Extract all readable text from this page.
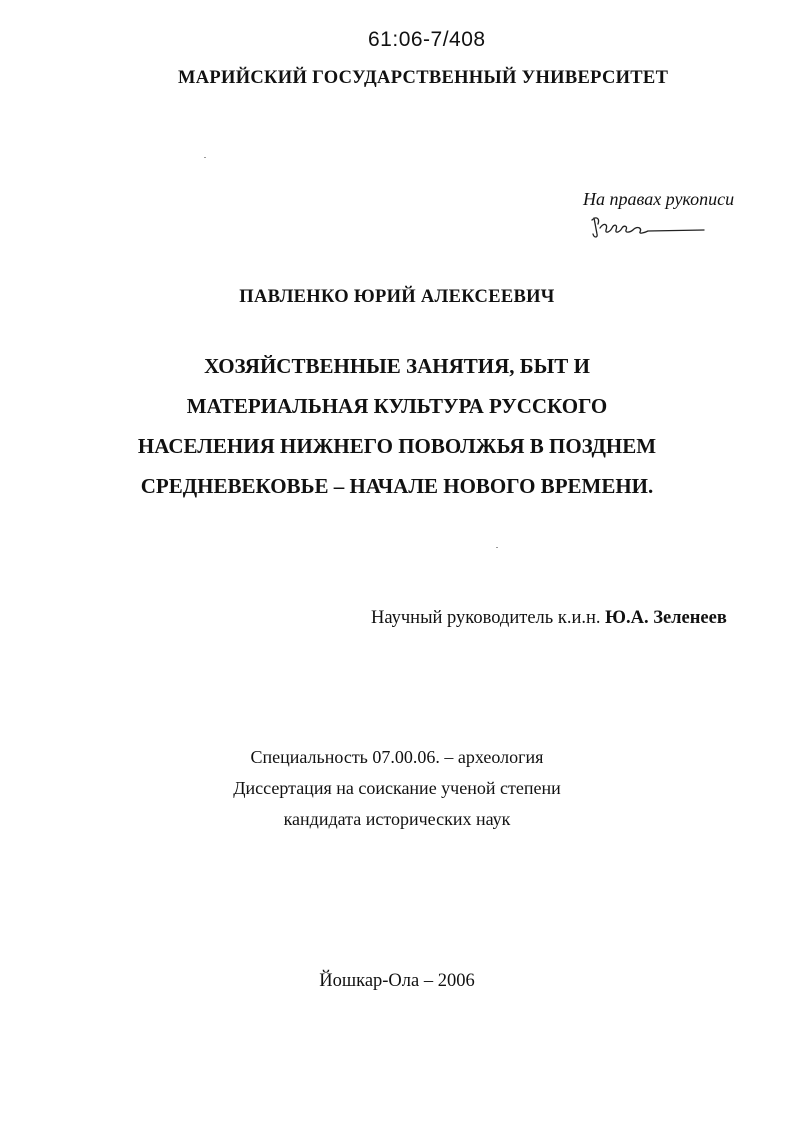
61:06-7/408
МАРИЙСКИЙ ГОСУДАРСТВЕННЫЙ УНИВЕРСИТЕТ
На правах рукописи
ПАВЛЕНКО ЮРИЙ АЛЕКСЕЕВИЧ
ХОЗЯЙСТВЕННЫЕ ЗАНЯТИЯ, БЫТ И
МАТЕРИАЛЬНАЯ КУЛЬТУРА РУССКОГО
НАСЕЛЕНИЯ НИЖНЕГО ПОВОЛЖЬЯ В ПОЗДНЕМ
СРЕДНЕВЕКОВЬЕ – НАЧАЛЕ НОВОГО ВРЕМЕНИ.
Научный руководитель к.и.н. Ю.А. Зеленеев
Специальность 07.00.06. – археология
Диссертация на соискание ученой степени
кандидата исторических наук
Йошкар-Ола – 2006
